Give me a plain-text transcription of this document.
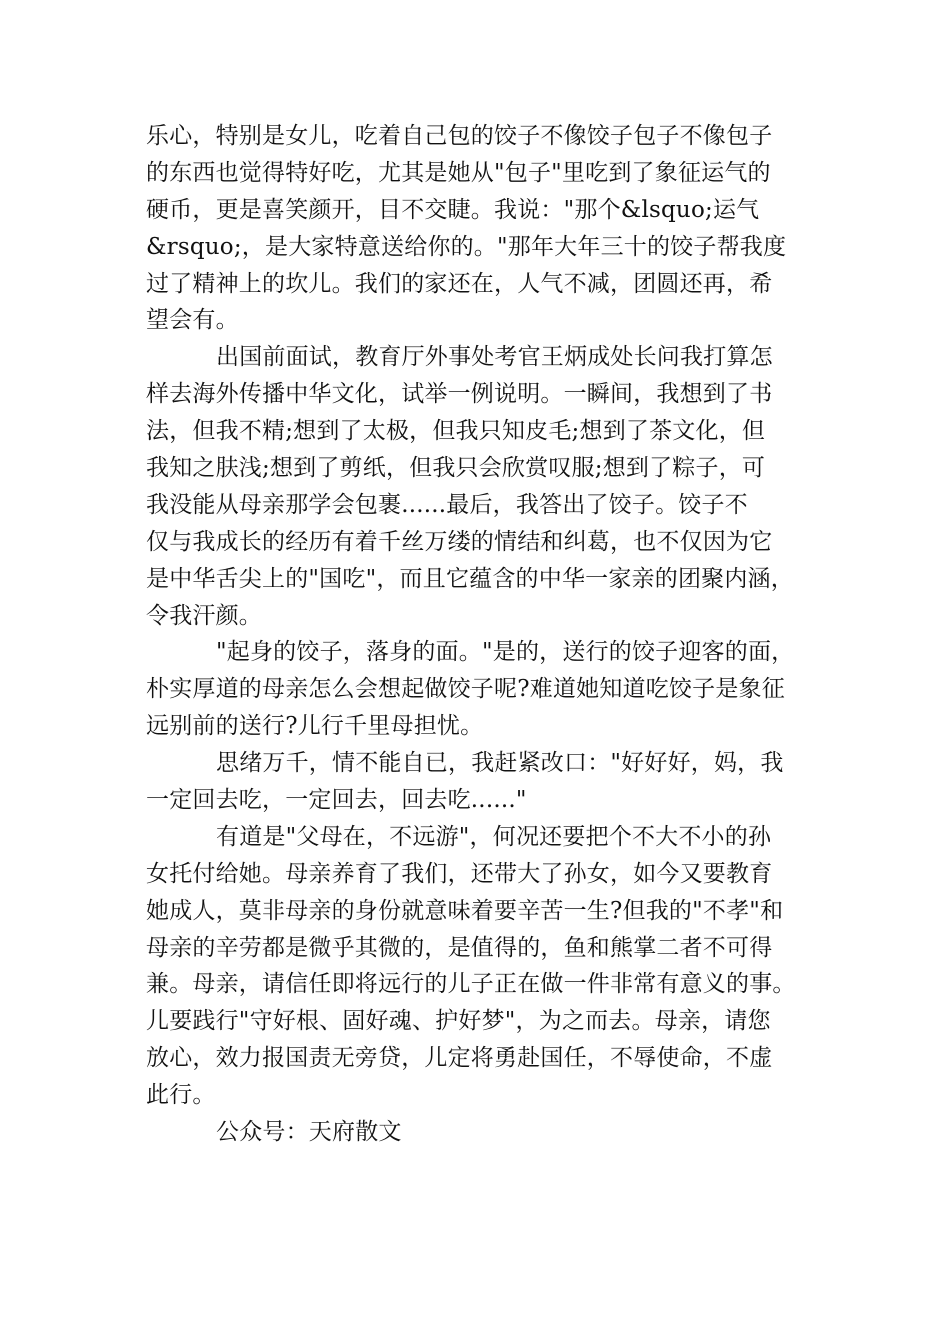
乐心，特别是女儿，吃着自己包的饺子不像饺子包子不像包子
的东西也觉得特好吃，尤其是她从"包子"里吃到了象征运气的
硬币，更是喜笑颜开，目不交睫。我说："那个&lsquo;运气
&rsquo;，是大家特意送给你的。"那年大年三十的饺子帮我度
过了精神上的坎儿。我们的家还在，人气不减，团圆还再，希
望会有。
出国前面试，教育厅外事处考官王炳成处长问我打算怎
样去海外传播中华文化，试举一例说明。一瞬间，我想到了书
法，但我不精;想到了太极，但我只知皮毛;想到了茶文化，但
我知之肤浅;想到了剪纸，但我只会欣赏叹服;想到了粽子，可
我没能从母亲那学会包裹......最后，我答出了饺子。饺子不
仅与我成长的经历有着千丝万缕的情结和纠葛，也不仅因为它
是中华舌尖上的"国吃"，而且它蕴含的中华一家亲的团聚内涵，
令我汗颜。
"起身的饺子，落身的面。"是的，送行的饺子迎客的面，
朴实厚道的母亲怎么会想起做饺子呢?难道她知道吃饺子是象征
远别前的送行?儿行千里母担忧。
思绪万千，情不能自已，我赶紧改口："好好好，妈，我
一定回去吃，一定回去，回去吃......"
有道是"父母在，不远游"，何况还要把个不大不小的孙
女托付给她。母亲养育了我们，还带大了孙女，如今又要教育
她成人，莫非母亲的身份就意味着要辛苦一生?但我的"不孝"和
母亲的辛劳都是微乎其微的，是值得的，鱼和熊掌二者不可得
兼。母亲，请信任即将远行的儿子正在做一件非常有意义的事。
儿要践行"守好根、固好魂、护好梦"，为之而去。母亲，请您
放心，效力报国责无旁贷，儿定将勇赴国任，不辱使命，不虚
此行。
公众号：天府散文
